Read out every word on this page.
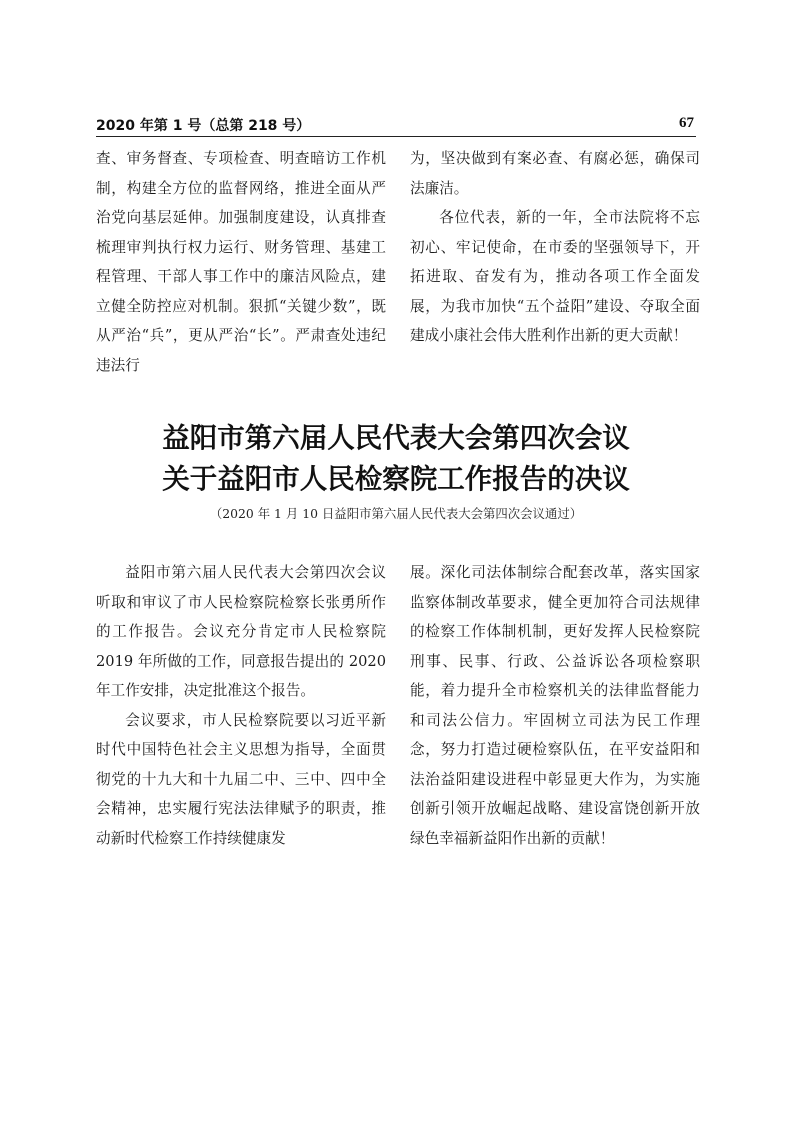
2020 年第 1 号（总第 218 号）	67

查、审务督查、专项检查、明查暗访工作机制，构建全方位的监督网络，推进全面从严治党向基层延伸。加强制度建设，认真排查梳理审判执行权力运行、财务管理、基建工程管理、干部人事工作中的廉洁风险点，建立健全防控应对机制。狠抓“关键少数”，既从严治“兵”，更从严治“长”。严肃查处违纪违法行

为，坚决做到有案必查、有腐必惩，确保司法廉洁。

各位代表，新的一年，全市法院将不忘初心、牢记使命，在市委的坚强领导下，开拓进取、奋发有为，推动各项工作全面发展，为我市加快“五个益阳”建设、夺取全面建成小康社会伟大胜利作出新的更大贡献！

益阳市第六届人民代表大会第四次会议
关于益阳市人民检察院工作报告的决议
（2020 年 1 月 10 日益阳市第六届人民代表大会第四次会议通过）

益阳市第六届人民代表大会第四次会议听取和审议了市人民检察院检察长张勇所作的工作报告。会议充分肯定市人民检察院 2019 年所做的工作，同意报告提出的 2020 年工作安排，决定批准这个报告。

会议要求，市人民检察院要以习近平新时代中国特色社会主义思想为指导，全面贯彻党的十九大和十九届二中、三中、四中全会精神，忠实履行宪法法律赋予的职责，推动新时代检察工作持续健康发

展。深化司法体制综合配套改革，落实国家监察体制改革要求，健全更加符合司法规律的检察工作体制机制，更好发挥人民检察院刑事、民事、行政、公益诉讼各项检察职能，着力提升全市检察机关的法律监督能力和司法公信力。牢固树立司法为民工作理念，努力打造过硬检察队伍，在平安益阳和法治益阳建设进程中彰显更大作为，为实施创新引领开放崛起战略、建设富饶创新开放绿色幸福新益阳作出新的贡献！
